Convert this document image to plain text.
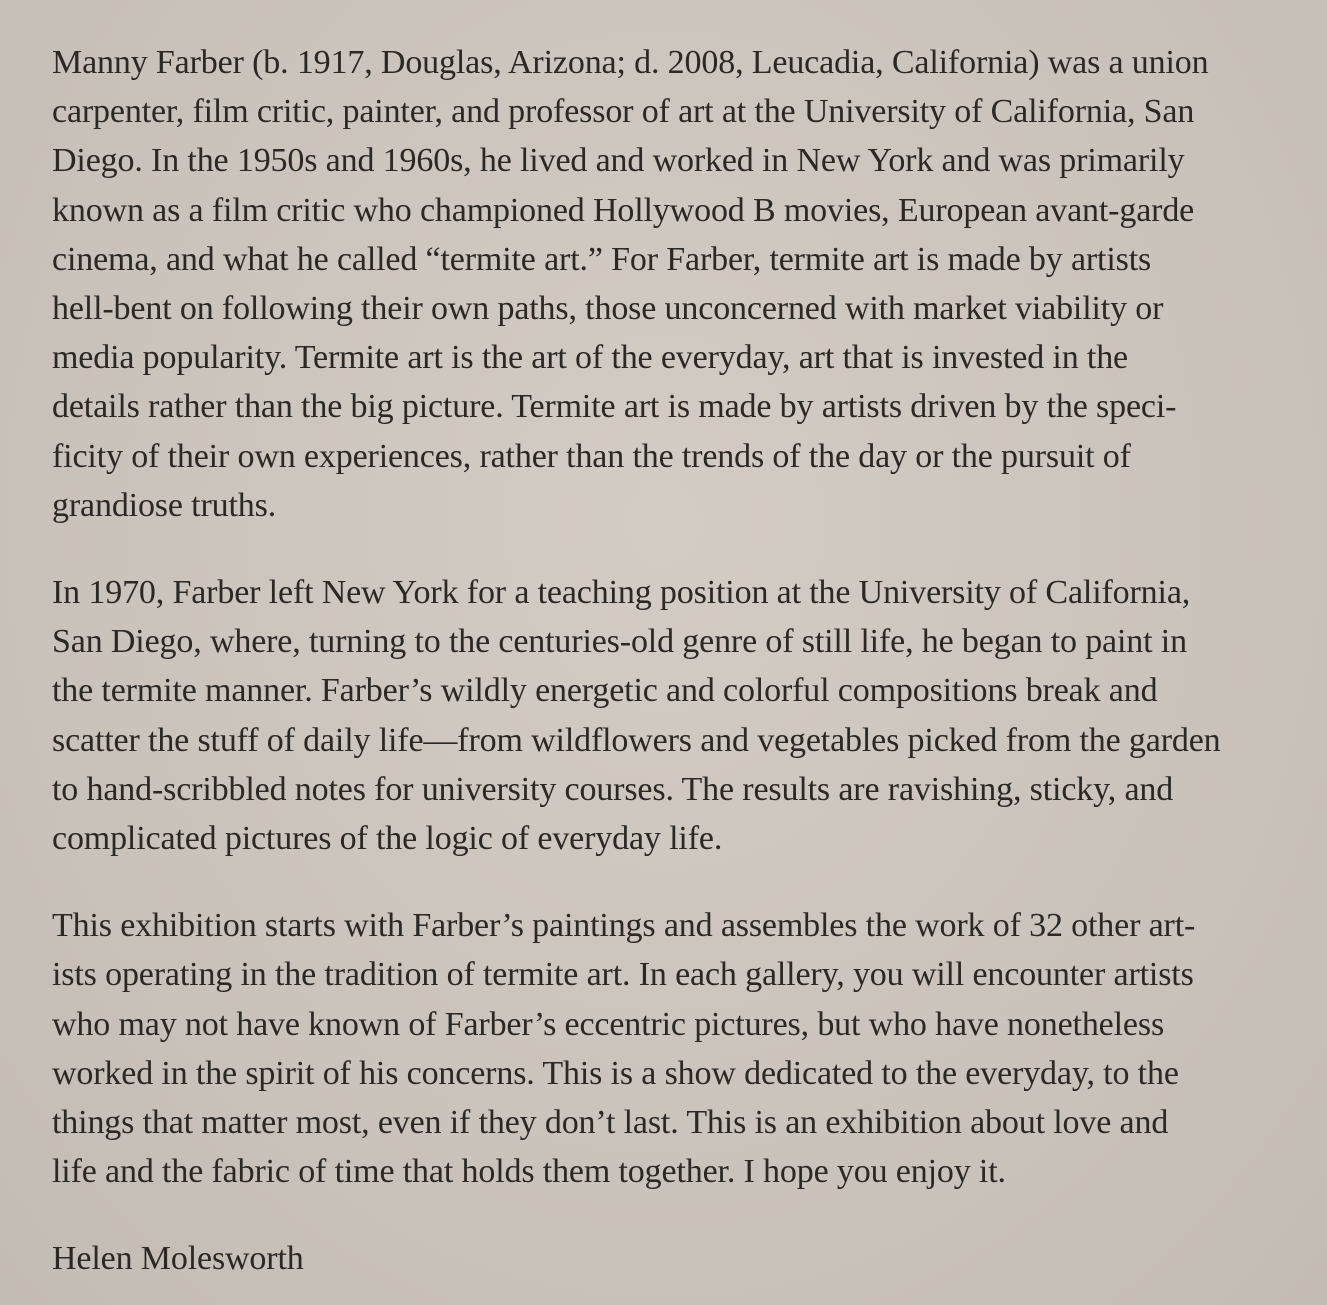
Manny Farber (b. 1917, Douglas, Arizona; d. 2008, Leucadia, California) was a union
carpenter, film critic, painter, and professor of art at the University of California, San
Diego. In the 1950s and 1960s, he lived and worked in New York and was primarily
known as a film critic who championed Hollywood B movies, European avant-garde
cinema, and what he called “termite art.” For Farber, termite art is made by artists
hell-bent on following their own paths, those unconcerned with market viability or
media popularity. Termite art is the art of the everyday, art that is invested in the
details rather than the big picture. Termite art is made by artists driven by the speci-
ficity of their own experiences, rather than the trends of the day or the pursuit of
grandiose truths.
In 1970, Farber left New York for a teaching position at the University of California,
San Diego, where, turning to the centuries-old genre of still life, he began to paint in
the termite manner. Farber’s wildly energetic and colorful compositions break and
scatter the stuff of daily life—from wildflowers and vegetables picked from the garden
to hand-scribbled notes for university courses. The results are ravishing, sticky, and
complicated pictures of the logic of everyday life.
This exhibition starts with Farber’s paintings and assembles the work of 32 other art-
ists operating in the tradition of termite art. In each gallery, you will encounter artists
who may not have known of Farber’s eccentric pictures, but who have nonetheless
worked in the spirit of his concerns. This is a show dedicated to the everyday, to the
things that matter most, even if they don’t last. This is an exhibition about love and
life and the fabric of time that holds them together. I hope you enjoy it.
Helen Molesworth
